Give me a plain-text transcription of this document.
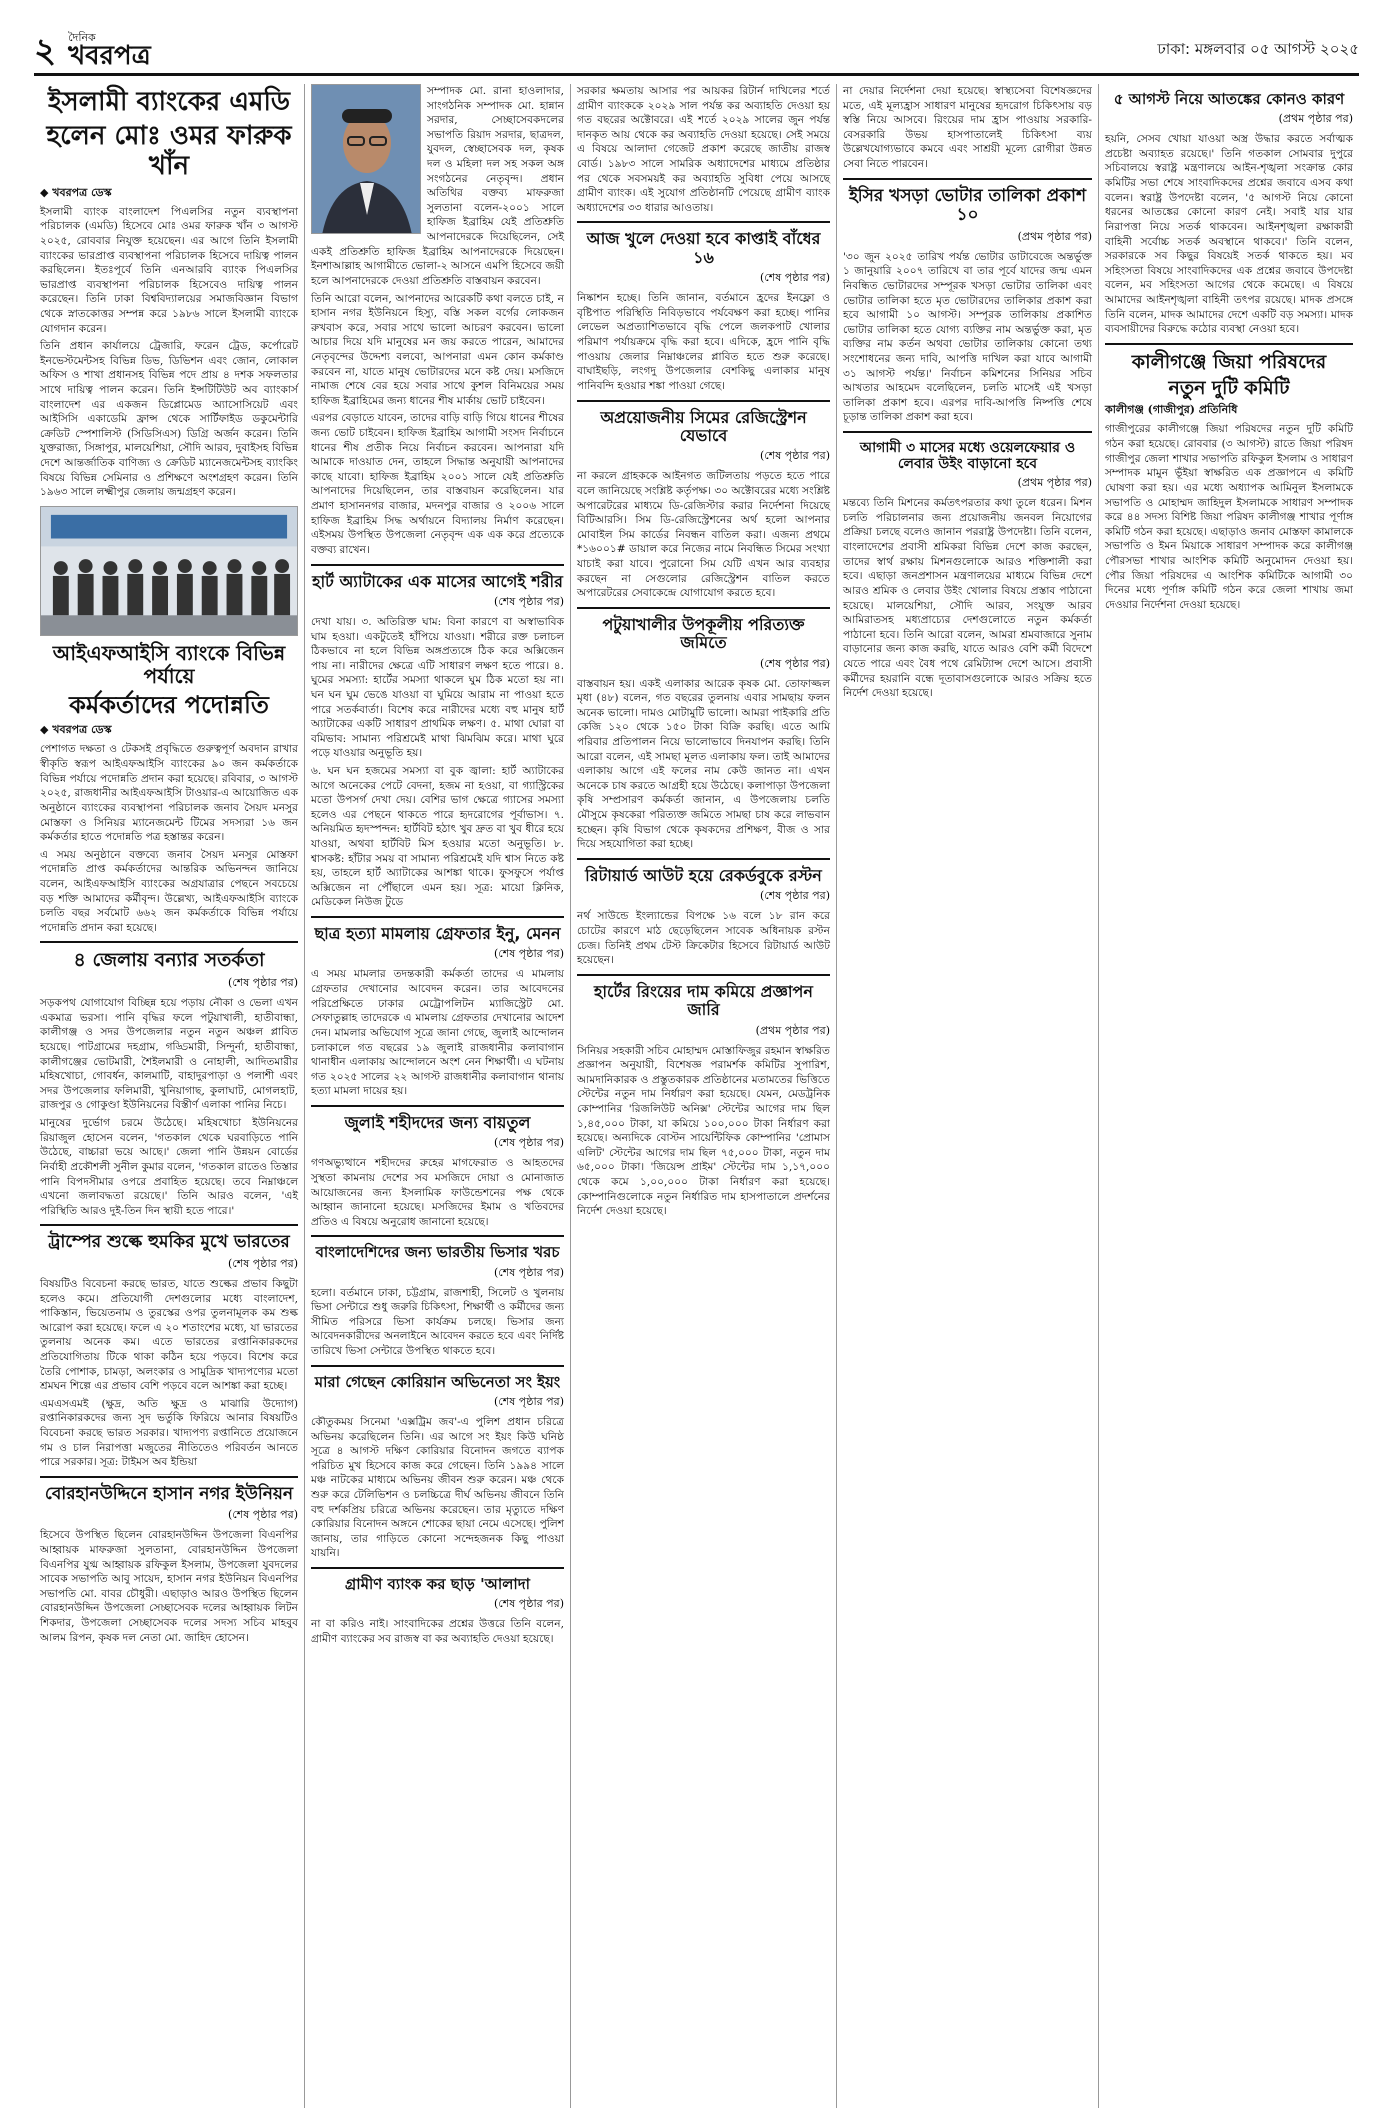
২ দৈনিক
খবরপত্র	ঢাকা: মঙ্গলবার ০৫ আগস্ট ২০২৫
ইসলামী ব্যাংকের এমডি
হলেন মোঃ ওমর ফারুক খাঁন
◆ খবরপত্র ডেস্ক

ইসলামী ব্যাংক বাংলাদেশ পিএলসির নতুন ব্যবস্থাপনা পরিচালক (এমডি) হিসেবে মোঃ ওমর ফারুক খাঁন ৩ আগস্ট ২০২৫, রোববার নিযুক্ত হয়েছেন। এর আগে তিনি ইসলামী ব্যাংকের ভারপ্রাপ্ত ব্যবস্থাপনা পরিচালক হিসেবে দায়িত্ব পালন করছিলেন। ইতঃপূর্বে তিনি এনআরবি ব্যাংক পিএলসির ভারপ্রাপ্ত ব্যবস্থাপনা পরিচালক হিসেবেও দায়িত্ব পালন করেছেন। তিনি ঢাকা বিশ্ববিদ্যালয়ের সমাজবিজ্ঞান বিভাগ থেকে স্নাতকোত্তর সম্পন্ন করে ১৯৮৬ সালে ইসলামী ব্যাংকে যোগদান করেন।

তিনি প্রধান কার্যালয়ে ট্রেজারি, ফরেন ট্রেড, কর্পোরেট ইনভেস্টমেন্টসহ বিভিন্ন ডিভ, ডিভিশন এবং জোন, লোকাল অফিস ও শাখা প্রধানসহ বিভিন্ন পদে প্রায় ৪ দশক সফলতার সাথে দায়িত্ব পালন করেন। তিনি ইন্সটিটিউট অব ব্যাংকার্স বাংলাদেশ এর একজন ডিপ্লোমেড অ্যাসোসিয়েট এবং আইসিসি একাডেমি ফ্রান্স থেকে সার্টিফাইড ডকুমেন্টারি ক্রেডিট স্পেশালিস্ট (সিডিসিএস) ডিগ্রি অর্জন করেন। তিনি যুক্তরাজ্য, সিঙ্গাপুর, মালয়েশিয়া, সৌদি আরব, দুবাইসহ বিভিন্ন দেশে আন্তর্জাতিক বাণিজ্য ও ক্রেডিট ম্যানেজমেন্টসহ ব্যাংকিং বিষয়ে বিভিন্ন সেমিনার ও প্রশিক্ষণে অংশগ্রহণ করেন। তিনি ১৯৬৩ সালে লক্ষ্মীপুর জেলায় জন্মগ্রহণ করেন।

আইএফআইসি ব্যাংকে বিভিন্ন পর্যায়ে
কর্মকর্তাদের পদোন্নতি
◆ খবরপত্র ডেস্ক

পেশাগত দক্ষতা ও টেকসই প্রবৃদ্ধিতে গুরুত্বপূর্ণ অবদান রাখার স্বীকৃতি স্বরূপ আইএফআইসি ব্যাংকের ৯০ জন কর্মকর্তাকে বিভিন্ন পর্যায়ে পদোন্নতি প্রদান করা হয়েছে। রবিবার, ৩ আগস্ট ২০২৫, রাজধানীর আইএফআইসি টাওয়ার-এ আয়োজিত এক অনুষ্ঠানে ব্যাংকের ব্যবস্থাপনা পরিচালক জনাব সৈয়দ মনসুর মোস্তফা ও সিনিয়র ম্যানেজমেন্ট টিমের সদস্যরা ১৬ জন কর্মকর্তার হাতে পদোন্নতি পত্র হস্তান্তর করেন।

এ সময় অনুষ্ঠানে বক্তব্যে জনাব সৈয়দ মনসুর মোস্তফা পদোন্নতি প্রাপ্ত কর্মকর্তাদের আন্তরিক অভিনন্দন জানিয়ে বলেন, আইএফআইসি ব্যাংকের অগ্রযাত্রার পেছনে সবচেয়ে বড় শক্তি আমাদের কর্মীবৃন্দ। উল্লেখ্য, আইএফআইসি ব্যাংকে চলতি বছর সর্বমোট ৬৬২ জন কর্মকর্তাকে বিভিন্ন পর্যায়ে পদোন্নতি প্রদান করা হয়েছে।

৪ জেলায় বন্যার সতর্কতা
(শেষ পৃষ্ঠার পর)

সড়কপথ যোগাযোগ বিচ্ছিন্ন হয়ে পড়ায় নৌকা ও ভেলা এখন একমাত্র ভরসা। পানি বৃদ্ধির ফলে পটুয়াখালী, হাতীবান্ধা, কালীগঞ্জ ও সদর উপজেলার নতুন নতুন অঞ্চল প্লাবিত হয়েছে। পাটগ্রামের দহগ্রাম, গড্ডিমারী, সিন্দুর্না, হাতীবান্ধা, কালীগঞ্জের ভোটমারী, শৈইলমারী ও নোহালী, আদিতমারীর মহিষখোচা, গোবর্ধন, কালমাটি, বাহাদুরপাড়া ও পলাশী এবং সদর উপজেলার ফলিমারী, খুনিয়াগাছ, কুলাঘাট, মোগলহাট, রাজপুর ও গোকুণ্ডা ইউনিয়নের বিস্তীর্ণ এলাকা পানির নিচে।

মানুষের দুর্ভোগ চরমে উঠেছে। মহিষখোচা ইউনিয়নের রিয়াজুল হোসেন বলেন, 'গতকাল থেকে ঘরবাড়িতে পানি উঠেছে, বাচ্চারা ভয়ে আছে।' জেলা পানি উন্নয়ন বোর্ডের নির্বাহী প্রকৌশলী সুনীল কুমার বলেন, 'গতকাল রাতেও তিস্তার পানি বিপদসীমার ওপরে প্রবাহিত হয়েছে। তবে নিম্নাঞ্চলে এখনো জলাবদ্ধতা রয়েছে।' তিনি আরও বলেন, 'এই পরিস্থিতি আরও দুই-তিন দিন স্থায়ী হতে পারে।'

ট্রাম্পের শুল্কে হুমকির মুখে ভারতের
(শেষ পৃষ্ঠার পর)

বিষয়টিও বিবেচনা করছে ভারত, যাতে শুল্কের প্রভাব কিছুটা হলেও কমে। প্রতিযোগী দেশগুলোর মধ্যে বাংলাদেশ, পাকিস্তান, ভিয়েতনাম ও তুরস্কের ওপর তুলনামূলক কম শুল্ক আরোপ করা হয়েছে। ফলে এ ২০ শতাংশের মধ্যে, যা ভারতের তুলনায় অনেক কম। এতে ভারতের রপ্তানিকারকদের প্রতিযোগিতায় টিকে থাকা কঠিন হয়ে পড়বে। বিশেষ করে তৈরি পোশাক, চামড়া, অলংকার ও সামুদ্রিক খাদ্যপণ্যের মতো শ্রমঘন শিল্পে এর প্রভাব বেশি পড়বে বলে আশঙ্কা করা হচ্ছে।

এমএসএমই (ক্ষুদ্র, অতি ক্ষুদ্র ও মাঝারি উদ্যোগ) রপ্তানিকারকদের জন্য সুদ ভর্তুকি ফিরিয়ে আনার বিষয়টিও বিবেচনা করছে ভারত সরকার। খাদ্যপণ্য রপ্তানিতে প্রয়োজনে গম ও চাল নিরাপত্তা মজুতের নীতিতেও পরিবর্তন আনতে পারে সরকার। সূত্র: টাইমস অব ইন্ডিয়া

বোরহানউদ্দিনে হাসান নগর ইউনিয়ন
(শেষ পৃষ্ঠার পর)

হিসেবে উপস্থিত ছিলেন বোরহানউদ্দিন উপজেলা বিএনপির আহ্বায়ক মাফরুজা সুলতানা, বোরহানউদ্দিন উপজেলা বিএনপির যুগ্ম আহ্বায়ক রফিকুল ইসলাম, উপজেলা যুবদলের সাবেক সভাপতি আবু সায়েদ, হাসান নগর ইউনিয়ন বিএনপির সভাপতি মো. বাবর চৌধুরী। এছাড়াও আরও উপস্থিত ছিলেন বোরহানউদ্দিন উপজেলা সেচ্ছাসেবক দলের আহ্বায়ক লিটন শিকদার, উপজেলা সেচ্ছাসেবক দলের সদস্য সচিব মাহবুব আলম রিপন, কৃষক দল নেতা মো. জাহিদ হোসেন।

সম্পাদক মো. রানা হাওলাদার, সাংগঠনিক সম্পাদক মো. হান্নান সরদার, সেচ্ছাসেবকদলের সভাপতি রিয়াদ সরদার, ছাত্রদল, যুবদল, স্বেচ্ছাসেবক দল, কৃষক দল ও মহিলা দল সহ সকল অঙ্গ সংগঠনের নেতৃবৃন্দ। প্রধান অতিথির বক্তব্য মাফরুজা সুলতানা বলেন-২০০১ সালে হাফিজ ইব্রাহিম যেই প্রতিশ্রুতি আপনাদেরকে দিয়েছিলেন, সেই একই প্রতিশ্রুতি হাফিজ ইব্রাহিম আপনাদেরকে দিয়েছেন। ইনশাআল্লাহ আগামীতে ভোলা-২ আসনে এমপি হিসেবে জয়ী হলে আপনাদেরকে দেওয়া প্রতিশ্রুতি বাস্তবায়ন করবেন।

তিনি আরো বলেন, আপনাদের আরেকটি কথা বলতে চাই, ন হাসান নগর ইউনিয়নে হিস্যু, বস্তি সকল বর্গের লোকজন রুখবাস করে, সবার সাথে ভালো আচরণ করবেন। ভালো আচার দিয়ে যদি মানুষের মন জয় করতে পারেন, আমাদের নেতৃবৃন্দের উদ্দেশ্য বলবো, আপনারা এমন কোন কর্মকাণ্ড করবেন না, যাতে মানুষ ভোটারদের মনে কষ্ট দেয়। মসজিদে নামাজ শেষে বের হয়ে সবার সাথে কুশল বিনিময়ের সময় হাফিজ ইব্রাহিমের জন্য ধানের শীষ মার্কায় ভোট চাইবেন।

এরপর বেড়াতে যাবেন, তাদের বাড়ি বাড়ি গিয়ে ধানের শীষের জন্য ভোট চাইবেন। হাফিজ ইব্রাহিম আগামী সংসদ নির্বাচনে ধানের শীষ প্রতীক নিয়ে নির্বাচন করবেন। আপনারা যদি আমাকে দাওয়াত দেন, তাহলে সিদ্ধান্ত অনুযায়ী আপনাদের কাছে যাবো। হাফিজ ইব্রাহিম ২০০১ সালে যেই প্রতিশ্রুতি আপনাদের দিয়েছিলেন, তার বাস্তবায়ন করেছিলেন। যার প্রমাণ হাসাননগর বাজার, মদনপুর বাজার ও ২০০৬ সালে হাফিজ ইব্রাহিম সিদ্ধ অর্থায়নে বিদ্যালয় নির্মাণ করেছেন। এইসময় উপস্থিত উপজেলা নেতৃবৃন্দ এক এক করে প্রত্যেকে বক্তব্য রাখেন।

হার্ট অ্যাটাকের এক মাসের আগেই শরীর
(শেষ পৃষ্ঠার পর)

দেখা যায়। ৩. অতিরিক্ত ঘাম: বিনা কারণে বা অস্বাভাবিক ঘাম হওয়া। একটুতেই হাঁপিয়ে যাওয়া। শরীরে রক্ত চলাচল ঠিকভাবে না হলে বিভিন্ন অঙ্গপ্রত্যঙ্গে ঠিক করে অক্সিজেন পায় না। নারীদের ক্ষেত্রে এটি সাধারণ লক্ষণ হতে পারে। ৪. ঘুমের সমস্যা: হার্টের সমস্যা থাকলে ঘুম ঠিক মতো হয় না। ঘন ঘন ঘুম ভেঙে যাওয়া বা ঘুমিয়ে আরাম না পাওয়া হতে পারে সতর্কবার্তা। বিশেষ করে নারীদের মধ্যে বহু মানুষ হার্ট অ্যাটাকের একটি সাধারণ প্রাথমিক লক্ষণ। ৫. মাথা ঘোরা বা বমিভাব: সামান্য পরিশ্রমেই মাথা ঝিমঝিম করে। মাথা ঘুরে পড়ে যাওয়ার অনুভূতি হয়।

৬. ঘন ঘন হজমের সমস্যা বা বুক জ্বালা: হার্ট অ্যাটাকের আগে অনেকের পেটে বেদনা, হজম না হওয়া, বা গ্যাস্ট্রিকের মতো উপসর্গ দেখা দেয়। বেশির ভাগ ক্ষেত্রে গ্যাসের সমস্যা হলেও এর পেছনে থাকতে পারে হৃদরোগের পূর্বাভাস। ৭. অনিয়মিত হৃদস্পন্দন: হার্টবিট হঠাৎ খুব দ্রুত বা খুব ধীরে হয়ে যাওয়া, অথবা হার্টবিট মিস হওয়ার মতো অনুভূতি। ৮. শ্বাসকষ্ট: হাঁটার সময় বা সামান্য পরিশ্রমেই যদি শ্বাস নিতে কষ্ট হয়, তাহলে হার্ট অ্যাটাকের আশঙ্কা থাকে। ফুসফুসে পর্যাপ্ত অক্সিজেন না পৌঁছালে এমন হয়। সূত্র: মায়ো ক্লিনিক, মেডিকেল নিউজ টুডে

ছাত্র হত্যা মামলায় গ্রেফতার ইনু, মেনন
(শেষ পৃষ্ঠার পর)

এ সময় মামলার তদন্তকারী কর্মকর্তা তাদের এ মামলায় গ্রেফতার দেখানোর আবেদন করেন। তার আবেদনের পরিপ্রেক্ষিতে ঢাকার মেট্রোপলিটন ম্যাজিস্ট্রেট মো. সেফাতুল্লাহ তাদেরকে এ মামলায় গ্রেফতার দেখানোর আদেশ দেন। মামলার অভিযোগ সূত্রে জানা গেছে, জুলাই আন্দোলন চলাকালে গত বছরের ১৯ জুলাই রাজধানীর কলাবাগান থানাধীন এলাকায় আন্দোলনে অংশ নেন শিক্ষার্থী। এ ঘটনায় গত ২০২৫ সালের ২২ আগস্ট রাজধানীর কলাবাগান থানায় হত্যা মামলা দায়ের হয়।

জুলাই শহীদদের জন্য বায়তুল
(শেষ পৃষ্ঠার পর)

গণঅভ্যুত্থানে শহীদদের রুহের মাগফেরাত ও আহতদের সুস্থতা কামনায় দেশের সব মসজিদে দোয়া ও মোনাজাত আয়োজনের জন্য ইসলামিক ফাউন্ডেশনের পক্ষ থেকে আহ্বান জানানো হয়েছে। মসজিদের ইমাম ও খতিবদের প্রতিও এ বিষয়ে অনুরোধ জানানো হয়েছে।

বাংলাদেশিদের জন্য ভারতীয় ভিসার খরচ
(শেষ পৃষ্ঠার পর)

হলো। বর্তমানে ঢাকা, চট্টগ্রাম, রাজশাহী, সিলেট ও খুলনায় ভিসা সেন্টারে শুধু জরুরি চিকিৎসা, শিক্ষার্থী ও কর্মীদের জন্য সীমিত পরিসরে ভিসা কার্যক্রম চলছে। ভিসার জন্য আবেদনকারীদের অনলাইনে আবেদন করতে হবে এবং নির্দিষ্ট তারিখে ভিসা সেন্টারে উপস্থিত থাকতে হবে।

মারা গেছেন কোরিয়ান অভিনেতা সং ইয়ং
(শেষ পৃষ্ঠার পর)

কৌতুকময় সিনেমা 'এক্সট্রিম জব'-এ পুলিশ প্রধান চরিত্রে অভিনয় করেছিলেন তিনি। এর আগে সং ইয়ং কিউ ঘনিষ্ঠ সূত্রে ৪ আগস্ট দক্ষিণ কোরিয়ার বিনোদন জগতে ব্যাপক পরিচিত মুখ হিসেবে কাজ করে গেছেন। তিনি ১৯৯৪ সালে মঞ্চ নাটকের মাধ্যমে অভিনয় জীবন শুরু করেন। মঞ্চ থেকে শুরু করে টেলিভিশন ও চলচ্চিত্রে দীর্ঘ অভিনয় জীবনে তিনি বহু দর্শকপ্রিয় চরিত্রে অভিনয় করেছেন। তার মৃত্যুতে দক্ষিণ কোরিয়ার বিনোদন অঙ্গনে শোকের ছায়া নেমে এসেছে। পুলিশ জানায়, তার গাড়িতে কোনো সন্দেহজনক কিছু পাওয়া যায়নি।

গ্রামীণ ব্যাংক কর ছাড় 'আলাদা
(শেষ পৃষ্ঠার পর)

না বা করিও নাই। সাংবাদিকের প্রশ্নের উত্তরে তিনি বলেন, গ্রামীণ ব্যাংকের সব রাজস্ব বা কর অব্যাহতি দেওয়া হয়েছে।

সরকার ক্ষমতায় আসার পর আয়কর রিটার্ন দাখিলের শর্তে গ্রামীণ ব্যাংককে ২০২৯ সাল পর্যন্ত কর অব্যাহতি দেওয়া হয় গত বছরের অক্টোবরে। এই শর্তে ২০২৯ সালের জুন পর্যন্ত দানকৃত আয় থেকে কর অব্যাহতি দেওয়া হয়েছে। সেই সময়ে এ বিষয়ে আলাদা গেজেট প্রকাশ করেছে জাতীয় রাজস্ব বোর্ড। ১৯৮৩ সালে সামরিক অধ্যাদেশের মাধ্যমে প্রতিষ্ঠার পর থেকে সবসময়ই কর অব্যাহতি সুবিধা পেয়ে আসছে গ্রামীণ ব্যাংক। এই সুযোগ প্রতিষ্ঠানটি পেয়েছে গ্রামীণ ব্যাংক অধ্যাদেশের ৩৩ ধারার আওতায়।

আজ খুলে দেওয়া হবে কাপ্তাই বাঁধের ১৬
(শেষ পৃষ্ঠার পর)

নিষ্কাশন হচ্ছে। তিনি জানান, বর্তমানে হ্রদের ইনফ্লো ও বৃষ্টিপাত পরিস্থিতি নিবিড়ভাবে পর্যবেক্ষণ করা হচ্ছে। পানির লেভেল অপ্রত্যাশিতভাবে বৃদ্ধি পেলে জলকপাট খোলার পরিমাণ পর্যায়ক্রমে বৃদ্ধি করা হবে। এদিকে, হ্রদে পানি বৃদ্ধি পাওয়ায় জেলার নিম্নাঞ্চলের প্লাবিত হতে শুরু করেছে। বাঘাইছড়ি, লংগদু উপজেলার বেশকিছু এলাকার মানুষ পানিবন্দি হওয়ার শঙ্কা পাওয়া গেছে।

অপ্রয়োজনীয় সিমের রেজিস্ট্রেশন যেভাবে
(শেষ পৃষ্ঠার পর)

না করলে গ্রাহককে আইনগত জটিলতায় পড়তে হতে পারে বলে জানিয়েছে সংশ্লিষ্ট কর্তৃপক্ষ। ৩০ অক্টোবরের মধ্যে সংশ্লিষ্ট অপারেটরের মাধ্যমে ডি-রেজিস্টার করার নির্দেশনা দিয়েছে বিটিআরসি। সিম ডি-রেজিস্ট্রেশনের অর্থ হলো আপনার মোবাইল সিম কার্ডের নিবন্ধন বাতিল করা। এজন্য প্রথমে *১৬০০১# ডায়াল করে নিজের নামে নিবন্ধিত সিমের সংখ্যা যাচাই করা যাবে। পুরোনো সিম যেটি এখন আর ব্যবহার করছেন না সেগুলোর রেজিস্ট্রেশন বাতিল করতে অপারেটরের সেবাকেন্দ্রে যোগাযোগ করতে হবে।

পটুয়াখালীর উপকূলীয় পরিত্যক্ত জমিতে
(শেষ পৃষ্ঠার পর)

বাস্তবায়ন হয়। একই এলাকার আরেক কৃষক মো. তোফাজ্জল মৃধা (৪৮) বলেন, গত বছরের তুলনায় এবার সামছায় ফলন অনেক ভালো। দামও মোটামুটি ভালো। আমরা পাইকারি প্রতি কেজি ১২০ থেকে ১৫০ টাকা বিক্রি করছি। এতে আমি পরিবার প্রতিপালন নিয়ে ভালোভাবে দিনযাপন করছি। তিনি আরো বলেন, এই সামছা মূলত এলাকায় ফল। তাই আমাদের এলাকায় আগে এই ফলের নাম কেউ জানত না। এখন অনেকে চাষ করতে আগ্রহী হয়ে উঠেছে। কলাপাড়া উপজেলা কৃষি সম্প্রসারণ কর্মকর্তা জানান, এ উপজেলায় চলতি মৌসুমে কৃষকেরা পরিত্যক্ত জমিতে সামছা চাষ করে লাভবান হচ্ছেন। কৃষি বিভাগ থেকে কৃষকদের প্রশিক্ষণ, বীজ ও সার দিয়ে সহযোগিতা করা হচ্ছে।

রিটায়ার্ড আউট হয়ে রেকর্ডবুকে রস্টন
(শেষ পৃষ্ঠার পর)

নর্থ সাউন্ডে ইংল্যান্ডের বিপক্ষে ১৬ বলে ১৮ রান করে চোটের কারণে মাঠ ছেড়েছিলেন সাবেক অধিনায়ক রস্টন চেজ। তিনিই প্রথম টেস্ট ক্রিকেটার হিসেবে রিটায়ার্ড আউট হয়েছেন।

হার্টের রিংয়ের দাম কমিয়ে প্রজ্ঞাপন জারি
(প্রথম পৃষ্ঠার পর)

সিনিয়র সহকারী সচিব মোহাম্মদ মোস্তাফিজুর রহমান স্বাক্ষরিত প্রজ্ঞাপন অনুযায়ী, বিশেষজ্ঞ পরামর্শক কমিটির সুপারিশ, আমদানিকারক ও প্রস্তুতকারক প্রতিষ্ঠানের মতামতের ভিত্তিতে স্টেন্টের নতুন দাম নির্ধারণ করা হয়েছে। যেমন, মেডট্রনিক কোম্পানির 'রিজলিউট অনিক্স' স্টেন্টের আগের দাম ছিল ১,৪৫,০০০ টাকা, যা কমিয়ে ১০০,০০০ টাকা নির্ধারণ করা হয়েছে। অন্যদিকে বোস্টন সায়েন্টিফিক কোম্পানির 'প্রোমাস এলিট' স্টেন্টের আগের দাম ছিল ৭৫,০০০ টাকা, নতুন দাম ৬৫,০০০ টাকা। 'জিয়েন্স প্রাইম' স্টেন্টের দাম ১,১৭,০০০ থেকে কমে ১,০০,০০০ টাকা নির্ধারণ করা হয়েছে। কোম্পানিগুলোকে নতুন নির্ধারিত দাম হাসপাতালে প্রদর্শনের নির্দেশ দেওয়া হয়েছে।

না দেয়ার নির্দেশনা দেয়া হয়েছে। স্বাস্থ্যসেবা বিশেষজ্ঞদের মতে, এই মূল্যহ্রাস সাধারণ মানুষের হৃদরোগ চিকিৎসায় বড় স্বস্তি নিয়ে আসবে। রিংয়ের দাম হ্রাস পাওয়ায় সরকারি-বেসরকারি উভয় হাসপাতালেই চিকিৎসা ব্যয় উল্লেখযোগ্যভাবে কমবে এবং সাশ্রয়ী মূল্যে রোগীরা উন্নত সেবা নিতে পারবেন।

ইসির খসড়া ভোটার তালিকা প্রকাশ ১০
(প্রথম পৃষ্ঠার পর)

'৩০ জুন ২০২৫ তারিখ পর্যন্ত ভোটার ডাটাবেজে অন্তর্ভুক্ত ১ জানুয়ারি ২০০৭ তারিখে বা তার পূর্বে যাদের জন্ম এমন নিবন্ধিত ভোটারদের সম্পূরক খসড়া ভোটার তালিকা এবং ভোটার তালিকা হতে মৃত ভোটারদের তালিকার প্রকাশ করা হবে আগামী ১০ আগস্ট। সম্পূরক তালিকায় প্রকাশিত ভোটার তালিকা হতে যোগ্য ব্যক্তির নাম অন্তর্ভুক্ত করা, মৃত ব্যক্তির নাম কর্তন অথবা ভোটার তালিকায় কোনো তথ্য সংশোধনের জন্য দাবি, আপত্তি দাখিল করা যাবে আগামী ৩১ আগস্ট পর্যন্ত।' নির্বাচন কমিশনের সিনিয়র সচিব আখতার আহমেদ বলেছিলেন, চলতি মাসেই এই খসড়া তালিকা প্রকাশ হবে। এরপর দাবি-আপত্তি নিষ্পত্তি শেষে চূড়ান্ত তালিকা প্রকাশ করা হবে।

আগামী ৩ মাসের মধ্যে ওয়েলফেয়ার ও লেবার উইং বাড়ানো হবে
(প্রথম পৃষ্ঠার পর)

মন্তব্যে তিনি মিশনের কর্মতৎপরতার কথা তুলে ধরেন। মিশন চলতি পরিচালনার জন্য প্রয়োজনীয় জনবল নিয়োগের প্রক্রিয়া চলছে বলেও জানান পররাষ্ট্র উপদেষ্টা। তিনি বলেন, বাংলাদেশের প্রবাসী শ্রমিকরা বিভিন্ন দেশে কাজ করছেন, তাদের স্বার্থ রক্ষায় মিশনগুলোকে আরও শক্তিশালী করা হবে। এছাড়া জনপ্রশাসন মন্ত্রণালয়ের মাধ্যমে বিভিন্ন দেশে আরও শ্রমিক ও লেবার উইং খোলার বিষয়ে প্রস্তাব পাঠানো হয়েছে। মালয়েশিয়া, সৌদি আরব, সংযুক্ত আরব আমিরাতসহ মধ্যপ্রাচ্যের দেশগুলোতে নতুন কর্মকর্তা পাঠানো হবে। তিনি আরো বলেন, আমরা শ্রমবাজারে সুনাম বাড়ানোর জন্য কাজ করছি, যাতে আরও বেশি কর্মী বিদেশে যেতে পারে এবং বৈধ পথে রেমিট্যান্স দেশে আসে। প্রবাসী কর্মীদের হয়রানি বন্ধে দূতাবাসগুলোকে আরও সক্রিয় হতে নির্দেশ দেওয়া হয়েছে।

৫ আগস্ট নিয়ে আতঙ্কের কোনও কারণ
(প্রথম পৃষ্ঠার পর)

হয়নি, সেসব খোয়া যাওয়া অস্ত্র উদ্ধার করতে সর্বাত্মক প্রচেষ্টা অব্যাহত রয়েছে।' তিনি গতকাল সোমবার দুপুরে সচিবালয়ে স্বরাষ্ট্র মন্ত্রণালয়ে আইন-শৃঙ্খলা সংক্রান্ত কোর কমিটির সভা শেষে সাংবাদিকদের প্রশ্নের জবাবে এসব কথা বলেন। স্বরাষ্ট্র উপদেষ্টা বলেন, '৫ আগস্ট নিয়ে কোনো ধরনের আতঙ্কের কোনো কারণ নেই। সবাই যার যার নিরাপত্তা নিয়ে সতর্ক থাকবেন। আইনশৃঙ্খলা রক্ষাকারী বাহিনী সর্বোচ্চ সতর্ক অবস্থানে থাকবে।' তিনি বলেন, সরকারকে সব কিছুর বিষয়েই সতর্ক থাকতে হয়। মব সহিংসতা বিষয়ে সাংবাদিকদের এক প্রশ্নের জবাবে উপদেষ্টা বলেন, মব সহিংসতা আগের থেকে কমেছে। এ বিষয়ে আমাদের আইনশৃঙ্খলা বাহিনী তৎপর রয়েছে। মাদক প্রসঙ্গে তিনি বলেন, মাদক আমাদের দেশে একটি বড় সমস্যা। মাদক ব্যবসায়ীদের বিরুদ্ধে কঠোর ব্যবস্থা নেওয়া হবে।

কালীগঞ্জে জিয়া পরিষদের
নতুন দুটি কমিটি
কালীগঞ্জ (গাজীপুর) প্রতিনিধি

গাজীপুরের কালীগঞ্জে জিয়া পরিষদের নতুন দুটি কমিটি গঠন করা হয়েছে। রোববার (৩ আগস্ট) রাতে জিয়া পরিষদ গাজীপুর জেলা শাখার সভাপতি রফিকুল ইসলাম ও সাধারণ সম্পাদক মামুন ভূঁইয়া স্বাক্ষরিত এক প্রজ্ঞাপনে এ কমিটি ঘোষণা করা হয়। এর মধ্যে অধ্যাপক আমিনুল ইসলামকে সভাপতি ও মোহাম্মদ জাহিদুল ইসলামকে সাধারণ সম্পাদক করে ৪৪ সদস্য বিশিষ্ট জিয়া পরিষদ কালীগঞ্জ শাখার পূর্ণাঙ্গ কমিটি গঠন করা হয়েছে। এছাড়াও জনাব মোস্তফা কামালকে সভাপতি ও ইমন মিয়াকে সাধারণ সম্পাদক করে কালীগঞ্জ পৌরসভা শাখার আংশিক কমিটি অনুমোদন দেওয়া হয়। পৌর জিয়া পরিষদের এ আংশিক কমিটিকে আগামী ৩০ দিনের মধ্যে পূর্ণাঙ্গ কমিটি গঠন করে জেলা শাখায় জমা দেওয়ার নির্দেশনা দেওয়া হয়েছে।
